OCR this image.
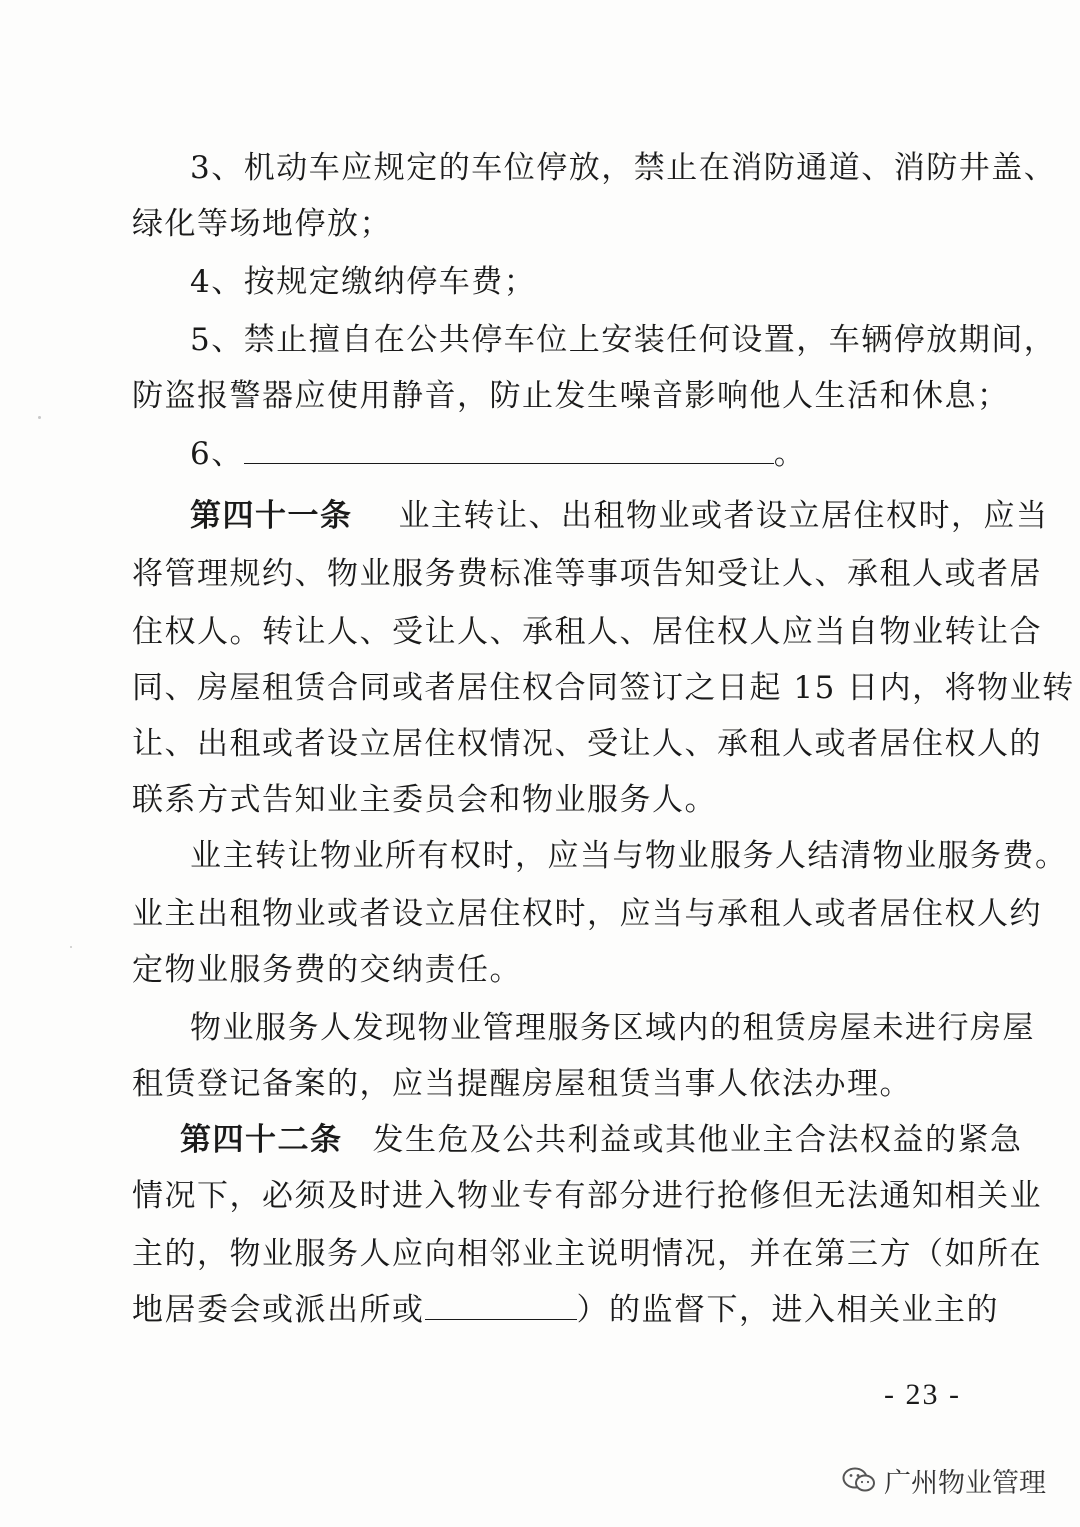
3、机动车应规定的车位停放，禁止在消防通道、消防井盖、
绿化等场地停放；
4、按规定缴纳停车费；
5、禁止擅自在公共停车位上安装任何设置，车辆停放期间，
防盗报警器应使用静音，防止发生噪音影响他人生活和休息；
6、	。
第四十一条 业主转让、出租物业或者设立居住权时，应当
将管理规约、物业服务费标准等事项告知受让人、承租人或者居
住权人。转让人、受让人、承租人、居住权人应当自物业转让合
同、房屋租赁合同或者居住权合同签订之日起 15 日内，将物业转
让、出租或者设立居住权情况、受让人、承租人或者居住权人的
联系方式告知业主委员会和物业服务人。
业主转让物业所有权时，应当与物业服务人结清物业服务费。
业主出租物业或者设立居住权时，应当与承租人或者居住权人约
定物业服务费的交纳责任。
物业服务人发现物业管理服务区域内的租赁房屋未进行房屋
租赁登记备案的，应当提醒房屋租赁当事人依法办理。
第四十二条 发生危及公共利益或其他业主合法权益的紧急
情况下，必须及时进入物业专有部分进行抢修但无法通知相关业
主的，物业服务人应向相邻业主说明情况，并在第三方（如所在
地居委会或派出所或	）的监督下，进入相关业主的
- 23 -
广州物业管理
